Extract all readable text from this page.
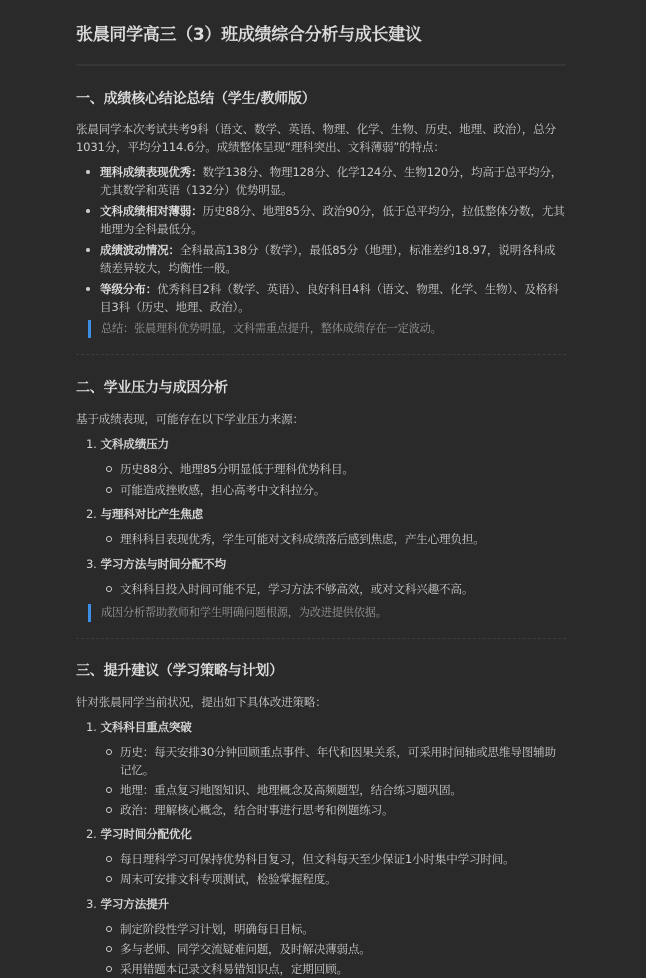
张晨同学高三（3）班成绩综合分析与成长建议
一、成绩核心结论总结（学生/教师版）

张晨同学本次考试共考9科（语文、数学、英语、物理、化学、生物、历史、地理、政治），总分1031分，平均分114.6分。成绩整体呈现“理科突出、文科薄弱”的特点：

理科成绩表现优秀：数学138分、物理128分、化学124分、生物120分，均高于总平均分，尤其数学和英语（132分）优势明显。
文科成绩相对薄弱：历史88分、地理85分、政治90分，低于总平均分，拉低整体分数，尤其地理为全科最低分。
成绩波动情况：全科最高138分（数学），最低85分（地理），标准差约18.97，说明各科成绩差异较大，均衡性一般。
等级分布：优秀科目2科（数学、英语）、良好科目4科（语文、物理、化学、生物）、及格科目3科（历史、地理、政治）。
总结：张晨理科优势明显，文科需重点提升，整体成绩存在一定波动。
二、学业压力与成因分析

基于成绩表现，可能存在以下学业压力来源：

1. 文科成绩压力
历史88分、地理85分明显低于理科优势科目。
可能造成挫败感，担心高考中文科拉分。
2. 与理科对比产生焦虑
理科科目表现优秀，学生可能对文科成绩落后感到焦虑，产生心理负担。
3. 学习方法与时间分配不均
文科科目投入时间可能不足，学习方法不够高效，或对文科兴趣不高。
成因分析帮助教师和学生明确问题根源，为改进提供依据。
三、提升建议（学习策略与计划）

针对张晨同学当前状况，提出如下具体改进策略：

1. 文科科目重点突破
历史：每天安排30分钟回顾重点事件、年代和因果关系，可采用时间轴或思维导图辅助记忆。
地理：重点复习地图知识、地理概念及高频题型，结合练习题巩固。
政治：理解核心概念，结合时事进行思考和例题练习。
2. 学习时间分配优化
每日理科学习可保持优势科目复习，但文科每天至少保证1小时集中学习时间。
周末可安排文科专项测试，检验掌握程度。
3. 学习方法提升
制定阶段性学习计划，明确每日目标。
多与老师、同学交流疑难问题，及时解决薄弱点。
采用错题本记录文科易错知识点，定期回顾。
